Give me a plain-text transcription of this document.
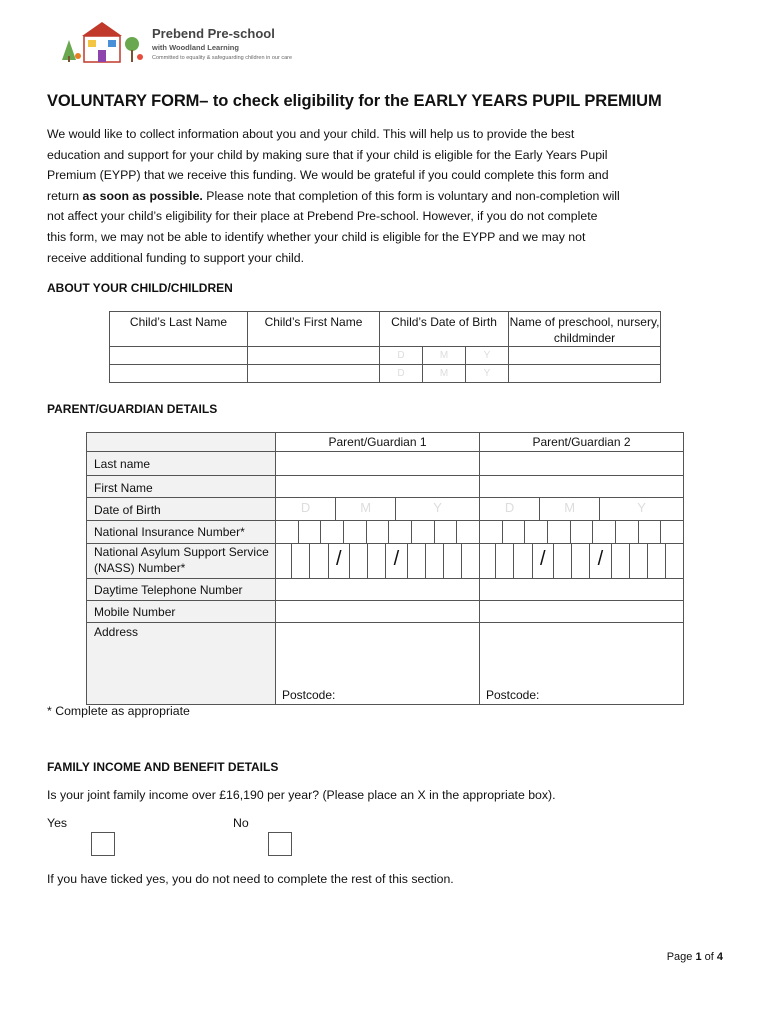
Prebend Pre-school
with Woodland Learning
Committed to equality & safeguarding children in our care
VOLUNTARY FORM– to check eligibility for the EARLY YEARS PUPIL PREMIUM
We would like to collect information about you and your child. This will help us to provide the best
education and support for your child by making sure that if your child is eligible for the Early Years Pupil
Premium (EYPP) that we receive this funding. We would be grateful if you could complete this form and
return as soon as possible. Please note that completion of this form is voluntary and non-completion will
not affect your child’s eligibility for their place at Prebend Pre-school. However, if you do not complete
this form, we may not be able to identify whether your child is eligible for the EYPP and we may not
receive additional funding to support your child.
ABOUT YOUR CHILD/CHILDREN
Child’s Last Name	Child’s First Name	Child’s Date of Birth	Name of preschool, nursery, childminder

		D M Y	

		D M Y	

PARENT/GUARDIAN DETAILS
	Parent/Guardian 1	Parent/Guardian 2
Last name		
First Name		
Date of Birth	D M Y	D M Y

National Insurance Number*	

National Asylum Support Service (NASS) Number*	/ /	/ /

Daytime Telephone Number		
Mobile Number		
Address	Postcode:	Postcode:
* Complete as appropriate
FAMILY INCOME AND BENEFIT DETAILS
Is your joint family income over £16,190 per year? (Please place an X in the appropriate box).
Yes	No
If you have ticked yes, you do not need to complete the rest of this section.
Page 1 of 4
